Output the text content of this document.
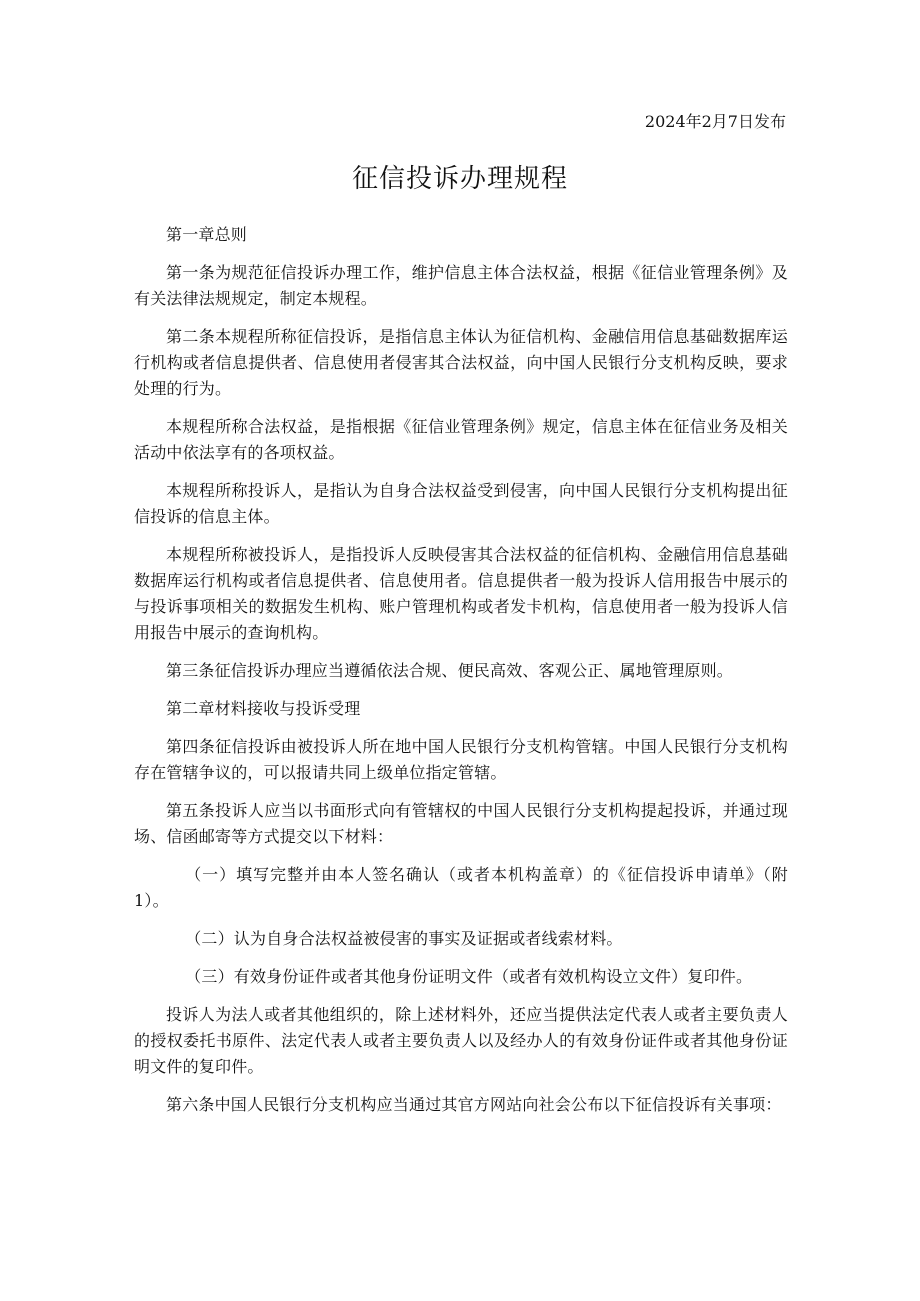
2024年2月7日发布
征信投诉办理规程

第一章总则

第一条为规范征信投诉办理工作，维护信息主体合法权益，根据《征信业管理条例》及有关法律法规规定，制定本规程。

第二条本规程所称征信投诉，是指信息主体认为征信机构、金融信用信息基础数据库运行机构或者信息提供者、信息使用者侵害其合法权益，向中国人民银行分支机构反映，要求处理的行为。

本规程所称合法权益，是指根据《征信业管理条例》规定，信息主体在征信业务及相关活动中依法享有的各项权益。

本规程所称投诉人，是指认为自身合法权益受到侵害，向中国人民银行分支机构提出征信投诉的信息主体。

本规程所称被投诉人，是指投诉人反映侵害其合法权益的征信机构、金融信用信息基础数据库运行机构或者信息提供者、信息使用者。信息提供者一般为投诉人信用报告中展示的与投诉事项相关的数据发生机构、账户管理机构或者发卡机构，信息使用者一般为投诉人信用报告中展示的查询机构。

第三条征信投诉办理应当遵循依法合规、便民高效、客观公正、属地管理原则。

第二章材料接收与投诉受理

第四条征信投诉由被投诉人所在地中国人民银行分支机构管辖。中国人民银行分支机构存在管辖争议的，可以报请共同上级单位指定管辖。

第五条投诉人应当以书面形式向有管辖权的中国人民银行分支机构提起投诉，并通过现场、信函邮寄等方式提交以下材料：

（一）填写完整并由本人签名确认（或者本机构盖章）的《征信投诉申请单》（附1）。

（二）认为自身合法权益被侵害的事实及证据或者线索材料。

（三）有效身份证件或者其他身份证明文件（或者有效机构设立文件）复印件。

投诉人为法人或者其他组织的，除上述材料外，还应当提供法定代表人或者主要负责人的授权委托书原件、法定代表人或者主要负责人以及经办人的有效身份证件或者其他身份证明文件的复印件。

第六条中国人民银行分支机构应当通过其官方网站向社会公布以下征信投诉有关事项：
